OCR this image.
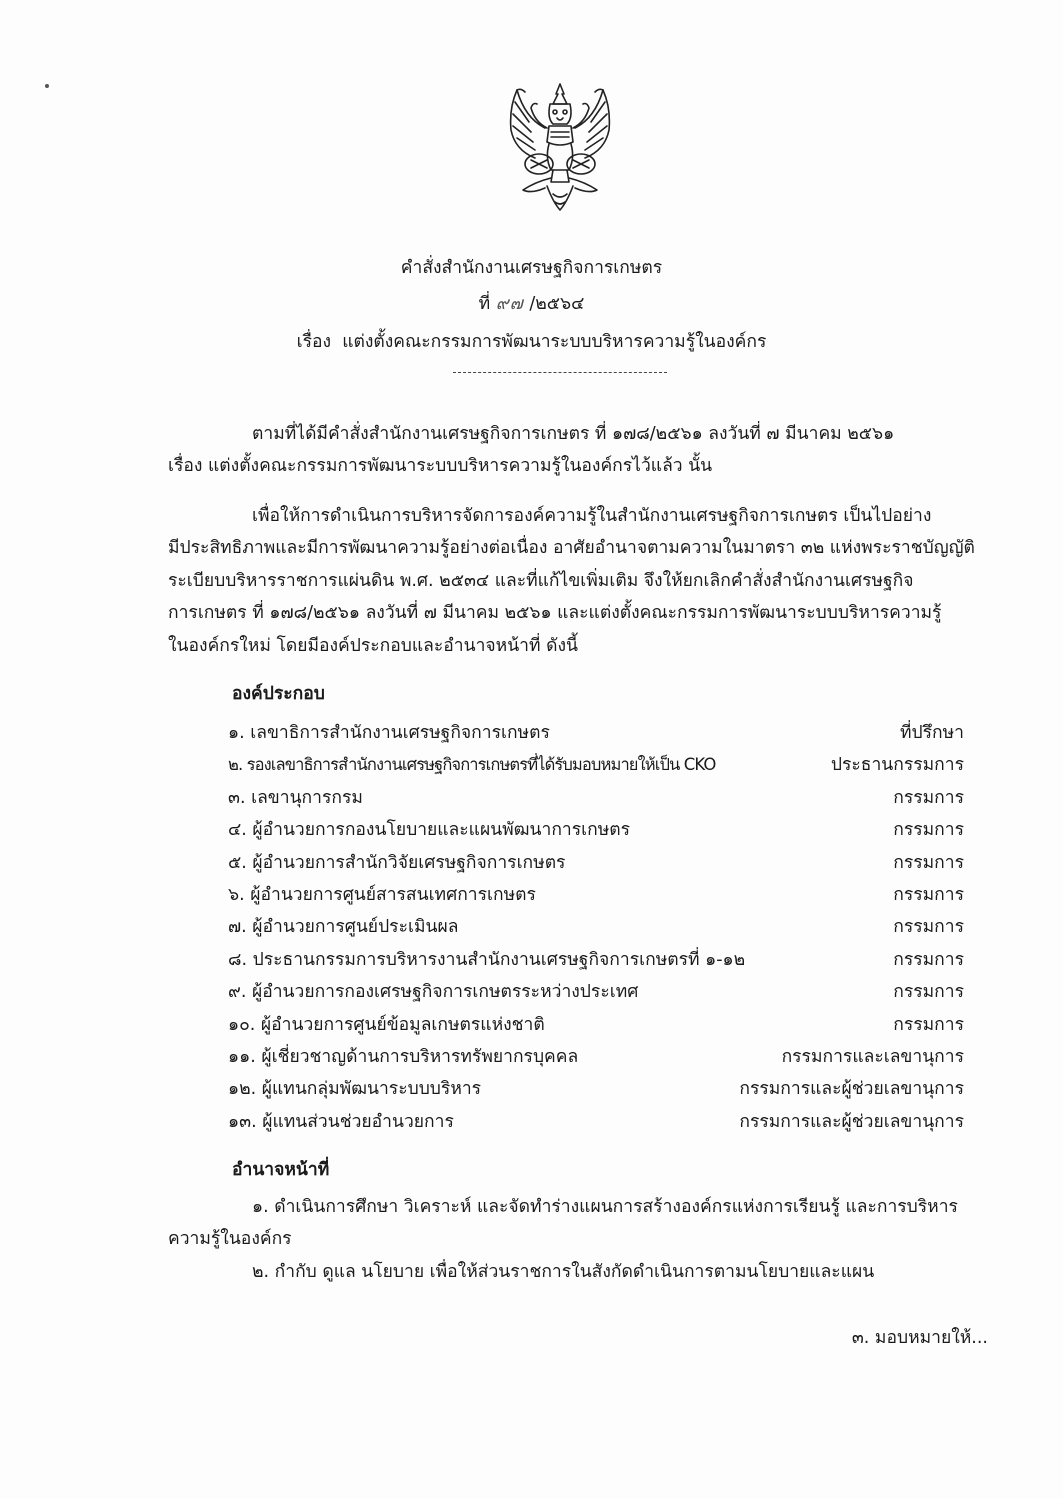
คำสั่งสำนักงานเศรษฐกิจการเกษตร
ที่ ๙๗ /๒๕๖๔
เรื่อง แต่งตั้งคณะกรรมการพัฒนาระบบบริหารความรู้ในองค์กร
ตามที่ได้มีคำสั่งสำนักงานเศรษฐกิจการเกษตร ที่ ๑๗๘/๒๕๖๑ ลงวันที่ ๗ มีนาคม ๒๕๖๑
เรื่อง แต่งตั้งคณะกรรมการพัฒนาระบบบริหารความรู้ในองค์กรไว้แล้ว นั้น
เพื่อให้การดำเนินการบริหารจัดการองค์ความรู้ในสำนักงานเศรษฐกิจการเกษตร เป็นไปอย่าง
มีประสิทธิภาพและมีการพัฒนาความรู้อย่างต่อเนื่อง อาศัยอำนาจตามความในมาตรา ๓๒ แห่งพระราชบัญญัติ
ระเบียบบริหารราชการแผ่นดิน พ.ศ. ๒๕๓๔ และที่แก้ไขเพิ่มเติม จึงให้ยกเลิกคำสั่งสำนักงานเศรษฐกิจ
การเกษตร ที่ ๑๗๘/๒๕๖๑ ลงวันที่ ๗ มีนาคม ๒๕๖๑ และแต่งตั้งคณะกรรมการพัฒนาระบบบริหารความรู้
ในองค์กรใหม่ โดยมีองค์ประกอบและอำนาจหน้าที่ ดังนี้
องค์ประกอบ
๑. เลขาธิการสำนักงานเศรษฐกิจการเกษตร	ที่ปรึกษา
๒. รองเลขาธิการสำนักงานเศรษฐกิจการเกษตรที่ได้รับมอบหมายให้เป็น CKO	ประธานกรรมการ
๓. เลขานุการกรม	กรรมการ
๔. ผู้อำนวยการกองนโยบายและแผนพัฒนาการเกษตร	กรรมการ
๕. ผู้อำนวยการสำนักวิจัยเศรษฐกิจการเกษตร	กรรมการ
๖. ผู้อำนวยการศูนย์สารสนเทศการเกษตร	กรรมการ
๗. ผู้อำนวยการศูนย์ประเมินผล	กรรมการ
๘. ประธานกรรมการบริหารงานสำนักงานเศรษฐกิจการเกษตรที่ ๑-๑๒	กรรมการ
๙. ผู้อำนวยการกองเศรษฐกิจการเกษตรระหว่างประเทศ	กรรมการ
๑๐. ผู้อำนวยการศูนย์ข้อมูลเกษตรแห่งชาติ	กรรมการ
๑๑. ผู้เชี่ยวชาญด้านการบริหารทรัพยากรบุคคล	กรรมการและเลขานุการ
๑๒. ผู้แทนกลุ่มพัฒนาระบบบริหาร	กรรมการและผู้ช่วยเลขานุการ
๑๓. ผู้แทนส่วนช่วยอำนวยการ	กรรมการและผู้ช่วยเลขานุการ
อำนาจหน้าที่
๑. ดำเนินการศึกษา วิเคราะห์ และจัดทำร่างแผนการสร้างองค์กรแห่งการเรียนรู้ และการบริหาร
ความรู้ในองค์กร
๒. กำกับ ดูแล นโยบาย เพื่อให้ส่วนราชการในสังกัดดำเนินการตามนโยบายและแผน
๓. มอบหมายให้...
